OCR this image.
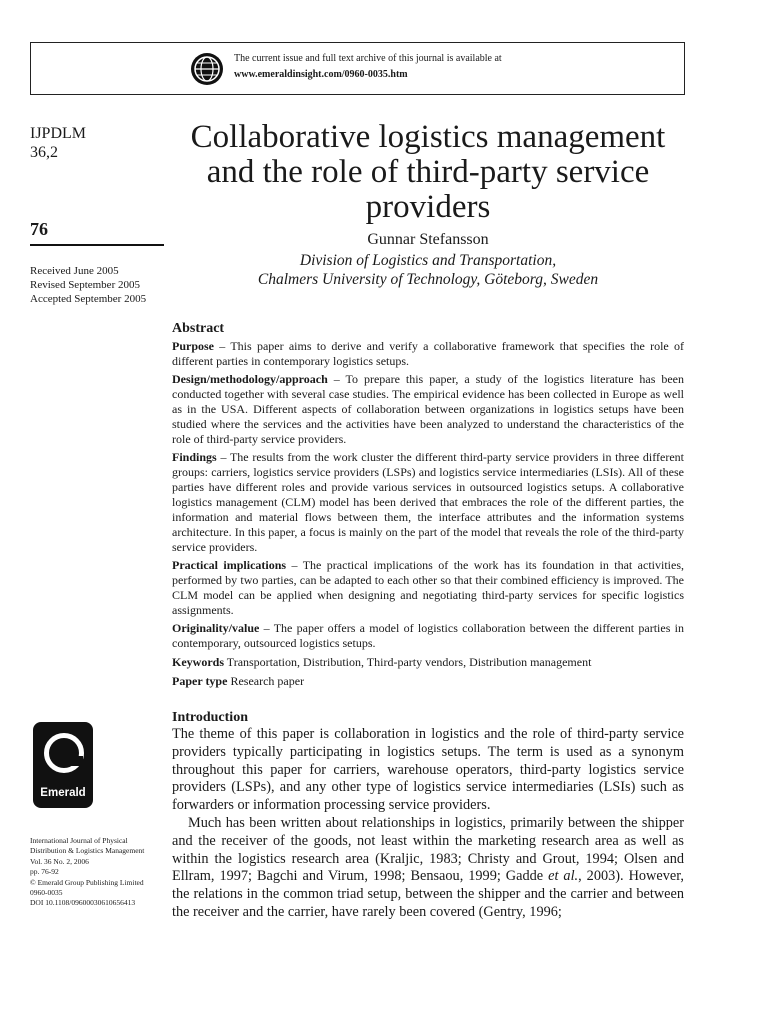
The current issue and full text archive of this journal is available at
www.emeraldinsight.com/0960-0035.htm
IJPDLM
36,2
76
Received June 2005
Revised September 2005
Accepted September 2005
Collaborative logistics management and the role of third-party service providers
Gunnar Stefansson
Division of Logistics and Transportation,
Chalmers University of Technology, Göteborg, Sweden
Abstract

Purpose – This paper aims to derive and verify a collaborative framework that specifies the role of different parties in contemporary logistics setups.

Design/methodology/approach – To prepare this paper, a study of the logistics literature has been conducted together with several case studies. The empirical evidence has been collected in Europe as well as in the USA. Different aspects of collaboration between organizations in logistics setups have been studied where the services and the activities have been analyzed to understand the characteristics of the role of third-party service providers.

Findings – The results from the work cluster the different third-party service providers in three different groups: carriers, logistics service providers (LSPs) and logistics service intermediaries (LSIs). All of these parties have different roles and provide various services in outsourced logistics setups. A collaborative logistics management (CLM) model has been derived that embraces the role of the different parties, the information and material flows between them, the interface attributes and the information systems architecture. In this paper, a focus is mainly on the part of the model that reveals the role of the third-party service providers.

Practical implications – The practical implications of the work has its foundation in that activities, performed by two parties, can be adapted to each other so that their combined efficiency is improved. The CLM model can be applied when designing and negotiating third-party services for specific logistics assignments.

Originality/value – The paper offers a model of logistics collaboration between the different parties in contemporary, outsourced logistics setups.

Keywords Transportation, Distribution, Third-party vendors, Distribution management

Paper type Research paper

Emerald
International Journal of Physical
Distribution & Logistics Management
Vol. 36 No. 2, 2006
pp. 76-92
© Emerald Group Publishing Limited
0960-0035
DOI 10.1108/09600030610656413
Introduction

The theme of this paper is collaboration in logistics and the role of third-party service providers typically participating in logistics setups. The term is used as a synonym throughout this paper for carriers, warehouse operators, third-party logistics service providers (LSPs), and any other type of logistics service intermediaries (LSIs) such as forwarders or information processing service providers.

Much has been written about relationships in logistics, primarily between the shipper and the receiver of the goods, not least within the marketing research area as well as within the logistics research area (Kraljic, 1983; Christy and Grout, 1994; Olsen and Ellram, 1997; Bagchi and Virum, 1998; Bensaou, 1999; Gadde et al., 2003). However, the relations in the common triad setup, between the shipper and the carrier and between the receiver and the carrier, have rarely been covered (Gentry, 1996;
